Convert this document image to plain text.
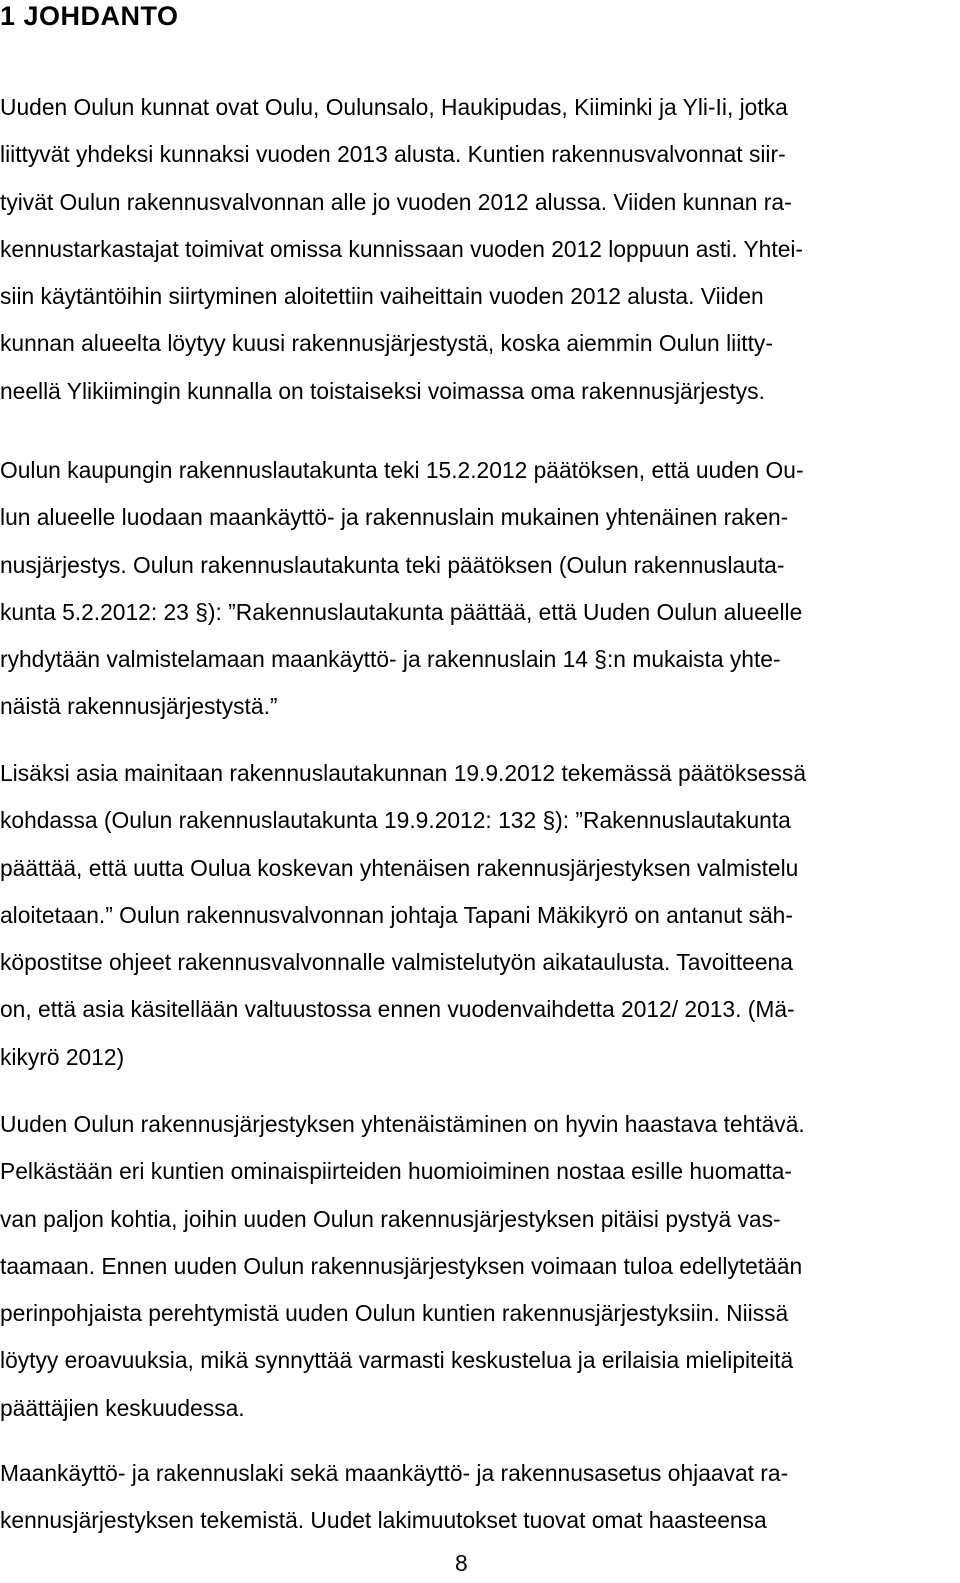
1 JOHDANTO
Uuden Oulun kunnat ovat Oulu, Oulunsalo, Haukipudas, Kiiminki ja Yli-Ii, jotka
liittyvät yhdeksi kunnaksi vuoden 2013 alusta. Kuntien rakennusvalvonnat siir-
tyivät Oulun rakennusvalvonnan alle jo vuoden 2012 alussa. Viiden kunnan ra-
kennustarkastajat toimivat omissa kunnissaan vuoden 2012 loppuun asti. Yhtei-
siin käytäntöihin siirtyminen aloitettiin vaiheittain vuoden 2012 alusta. Viiden
kunnan alueelta löytyy kuusi rakennusjärjestystä, koska aiemmin Oulun liitty-
neellä Ylikiimingin kunnalla on toistaiseksi voimassa oma rakennusjärjestys.
Oulun kaupungin rakennuslautakunta teki 15.2.2012 päätöksen, että uuden Ou-
lun alueelle luodaan maankäyttö- ja rakennuslain mukainen yhtenäinen raken-
nusjärjestys. Oulun rakennuslautakunta teki päätöksen (Oulun rakennuslauta-
kunta 5.2.2012: 23 §): ”Rakennuslautakunta päättää, että Uuden Oulun alueelle
ryhdytään valmistelamaan maankäyttö- ja rakennuslain 14 §:n mukaista yhte-
näistä rakennusjärjestystä.”
Lisäksi asia mainitaan rakennuslautakunnan 19.9.2012 tekemässä päätöksessä
kohdassa (Oulun rakennuslautakunta 19.9.2012: 132 §): ”Rakennuslautakunta
päättää, että uutta Oulua koskevan yhtenäisen rakennusjärjestyksen valmistelu
aloitetaan.” Oulun rakennusvalvonnan johtaja Tapani Mäkikyrö on antanut säh-
köpostitse ohjeet rakennusvalvonnalle valmistelutyön aikataulusta. Tavoitteena
on, että asia käsitellään valtuustossa ennen vuodenvaihdetta 2012/ 2013. (Mä-
kikyrö 2012)
Uuden Oulun rakennusjärjestyksen yhtenäistäminen on hyvin haastava tehtävä.
Pelkästään eri kuntien ominaispiirteiden huomioiminen nostaa esille huomatta-
van paljon kohtia, joihin uuden Oulun rakennusjärjestyksen pitäisi pystyä vas-
taamaan. Ennen uuden Oulun rakennusjärjestyksen voimaan tuloa edellytetään
perinpohjaista perehtymistä uuden Oulun kuntien rakennusjärjestyksiin. Niissä
löytyy eroavuuksia, mikä synnyttää varmasti keskustelua ja erilaisia mielipiteitä
päättäjien keskuudessa.
Maankäyttö- ja rakennuslaki sekä maankäyttö- ja rakennusasetus ohjaavat ra-
kennusjärjestyksen tekemistä. Uudet lakimuutokset tuovat omat haasteensa
8
